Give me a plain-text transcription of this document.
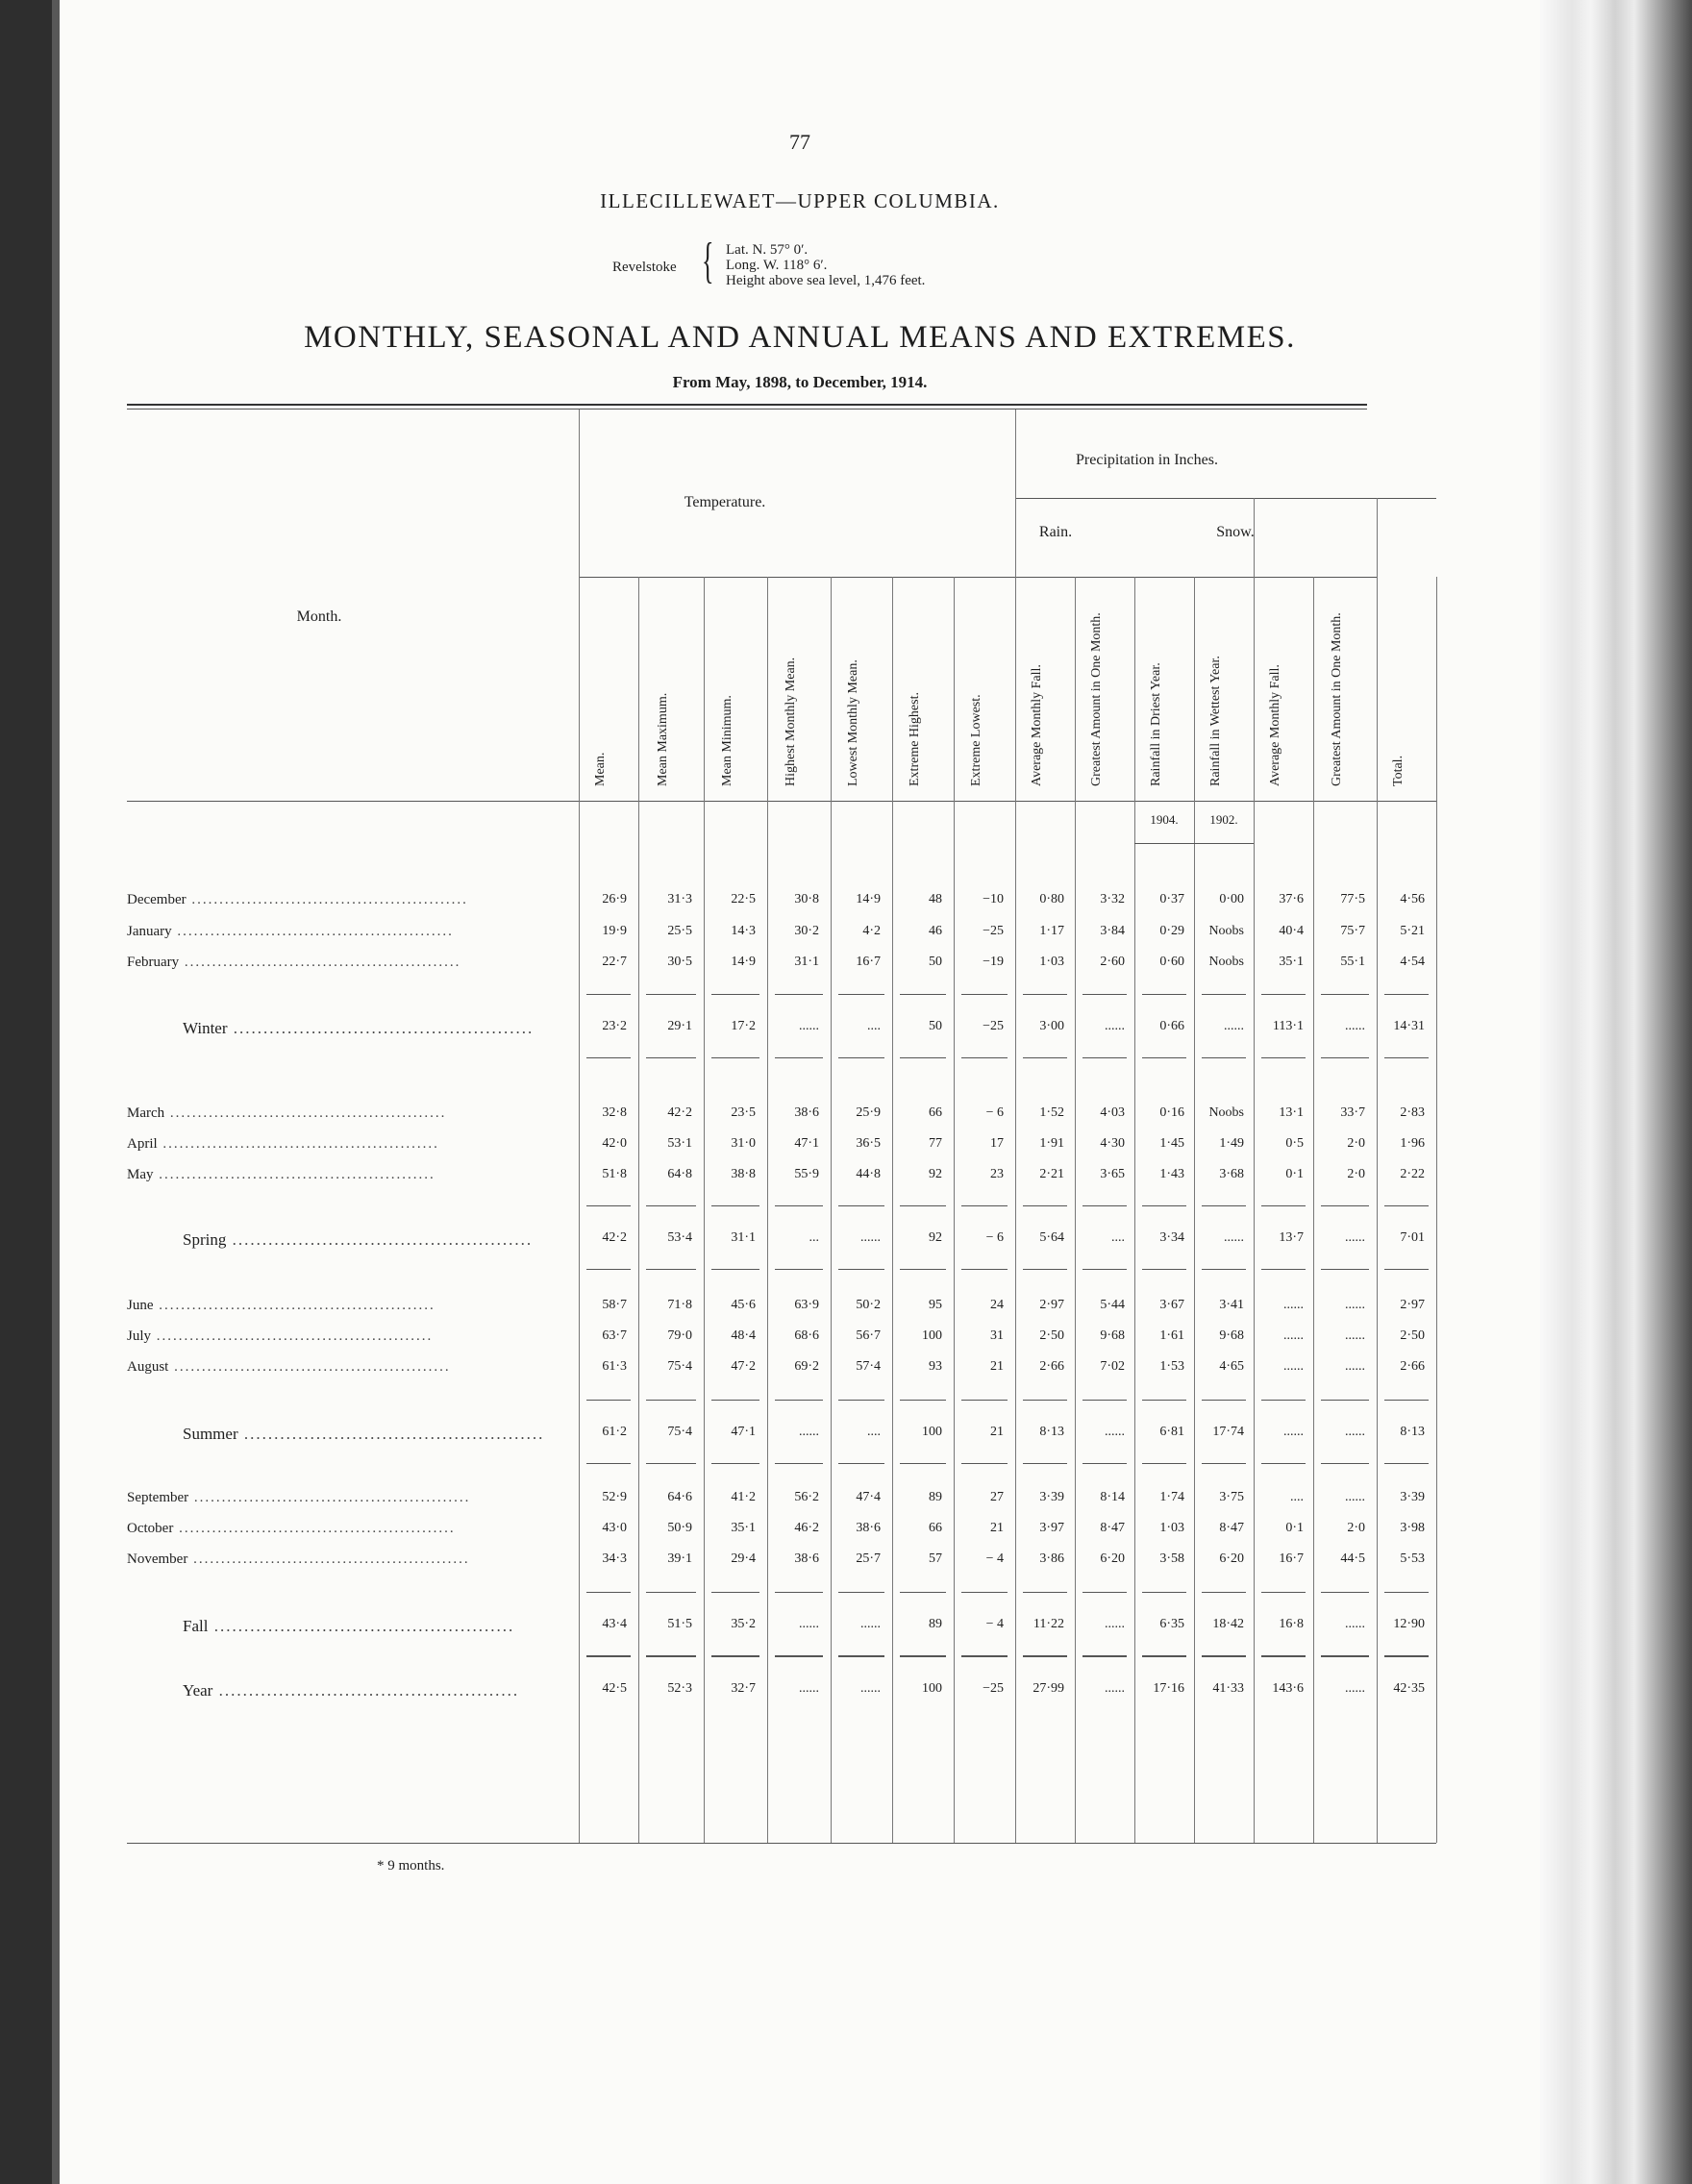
77
ILLECILLEWAET—UPPER COLUMBIA.
Revelstoke { Lat. N. 57° 0′.
Long. W. 118° 6′.
Height above sea level, 1,476 feet.
MONTHLY, SEASONAL AND ANNUAL MEANS AND EXTREMES.
From May, 1898, to December, 1914.
Month.
Temperature.
Precipitation in Inches.
Rain.	Snow.
Mean.	Mean Maximum.	Mean Minimum.	Highest Monthly Mean.	Lowest Monthly Mean.	Extreme Highest.	Extreme Lowest.	Average Monthly Fall.	Greatest Amount in One Month.	Rainfall in Driest Year.	Rainfall in Wettest Year.	Average Monthly Fall.	Greatest Amount in One Month.	Total.
1904.	1902.
December ..................................................	26·9	31·3	22·5	30·8	14·9	48	−10	0·80	3·32	0·37	0·00	37·6	77·5	4·56
January ..................................................	19·9	25·5	14·3	30·2	4·2	46	−25	1·17	3·84	0·29 Noobs	40·4	75·7	5·21
February ..................................................	22·7	30·5	14·9	31·1	16·7	50	−19	1·03	2·60	0·60 Noobs	35·1	55·1	4·54
Winter ..................................................	23·2	29·1	17·2	......	....	50	−25	3·00	......	0·66	...... 113·1	...... 14·31
March ..................................................	32·8	42·2	23·5	38·6	25·9	66	− 6	1·52	4·03	0·16 Noobs	13·1	33·7	2·83
April ..................................................	42·0	53·1	31·0	47·1	36·5	77	17	1·91	4·30	1·45	1·49	0·5	2·0	1·96
May ..................................................	51·8	64·8	38·8	55·9	44·8	92	23	2·21	3·65	1·43	3·68	0·1	2·0	2·22
Spring ..................................................	42·2	53·4	31·1	...	......	92	− 6	5·64	....	3·34	......	13·7	......	7·01
June ..................................................	58·7	71·8	45·6	63·9	50·2	95	24	2·97	5·44	3·67	3·41	......	......	2·97
July ..................................................	63·7	79·0	48·4	68·6	56·7	100	31	2·50	9·68	1·61	9·68	......	......	2·50
August ..................................................	61·3	75·4	47·2	69·2	57·4	93	21	2·66	7·02	1·53	4·65	......	......	2·66
Summer ..................................................	61·2	75·4	47·1	......	....	100	21	8·13	......	6·81 17·74	......	......	8·13
September ..................................................	52·9	64·6	41·2	56·2	47·4	89	27	3·39	8·14	1·74	3·75	....	......	3·39
October ..................................................	43·0	50·9	35·1	46·2	38·6	66	21	3·97	8·47	1·03	8·47	0·1	2·0	3·98
November ..................................................	34·3	39·1	29·4	38·6	25·7	57	− 4	3·86	6·20	3·58	6·20	16·7	44·5	5·53
Fall ..................................................	43·4	51·5	35·2	......	......	89	− 4 11·22	......	6·35 18·42	16·8	...... 12·90
Year ..................................................	42·5	52·3	32·7	......	......	100	−25 27·99	...... 17·16 41·33 143·6	...... 42·35
* 9 months.
